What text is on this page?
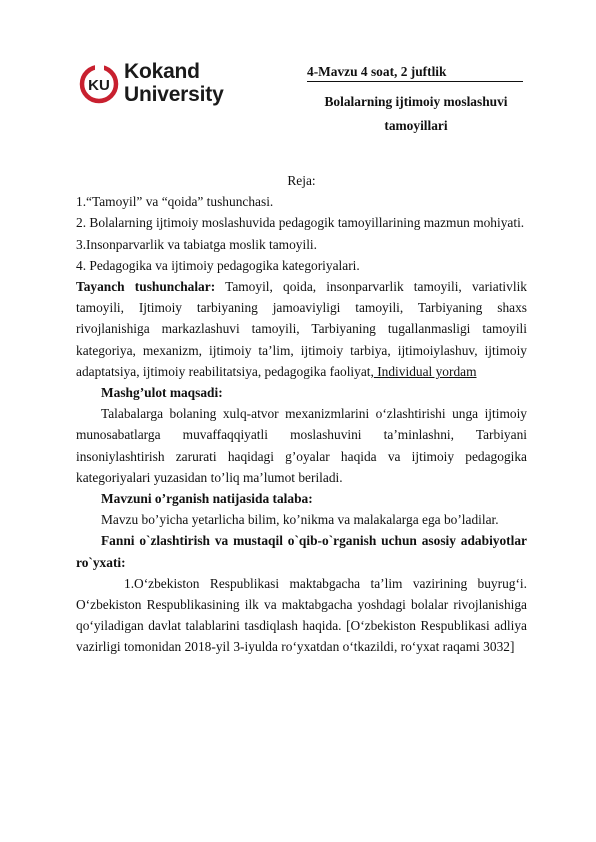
KU
Kokand
University
4-Mavzu 4 soat, 2 juftlik
Bolalarning ijtimoiy moslashuvi tamoyillari

Reja:

1.“Tamoyil” va “qoida” tushunchasi.

2. Bolalarning ijtimoiy moslashuvida pedagogik tamoyillarining mazmun mohiyati.

3.Insonparvarlik va tabiatga moslik tamoyili.

4. Pedagogika va ijtimoiy pedagogika kategoriyalari.

Tayanch tushunchalar: Tamoyil, qoida, insonparvarlik tamoyili, variativlik tamoyili, Ijtimoiy tarbiyaning jamoaviyligi tamoyili, Tarbiyaning shaxs rivojlanishiga markazlashuvi tamoyili, Tarbiyaning tugallanmasligi tamoyili kategoriya, mexanizm, ijtimoiy ta’lim, ijtimoiy tarbiya, ijtimoiylashuv, ijtimoiy adaptatsiya, ijtimoiy reabilitatsiya, pedagogika faoliyat, Individual yordam

Mashg’ulot maqsadi:

Talabalarga bolaning xulq-atvor mexanizmlarini o‘zlashtirishi unga ijtimoiy munosabatlarga muvaffaqqiyatli moslashuvini ta’minlashni, Tarbiyani insoniylashtirish zarurati haqidagi g’oyalar haqida va ijtimoiy pedagogika kategoriyalari yuzasidan to’liq ma’lumot beriladi.

Mavzuni o’rganish natijasida talaba:

Mavzu bo’yicha yetarlicha bilim, ko’nikma va malakalarga ega bo’ladilar.

Fanni o`zlashtirish va mustaqil o`qib-o`rganish uchun asosiy adabiyotlar ro`yxati:

1.O‘zbekiston Respublikasi maktabgacha ta’lim vazirining buyrug‘i. O‘zbekiston Respublikasining ilk va maktabgacha yoshdagi bolalar rivojlanishiga qo‘yiladigan davlat talablarini tasdiqlash haqida. [O‘zbekiston Respublikasi adliya vazirligi tomonidan 2018-yil 3-iyulda ro‘yxatdan o‘tkazildi, ro‘yxat raqami 3032]
